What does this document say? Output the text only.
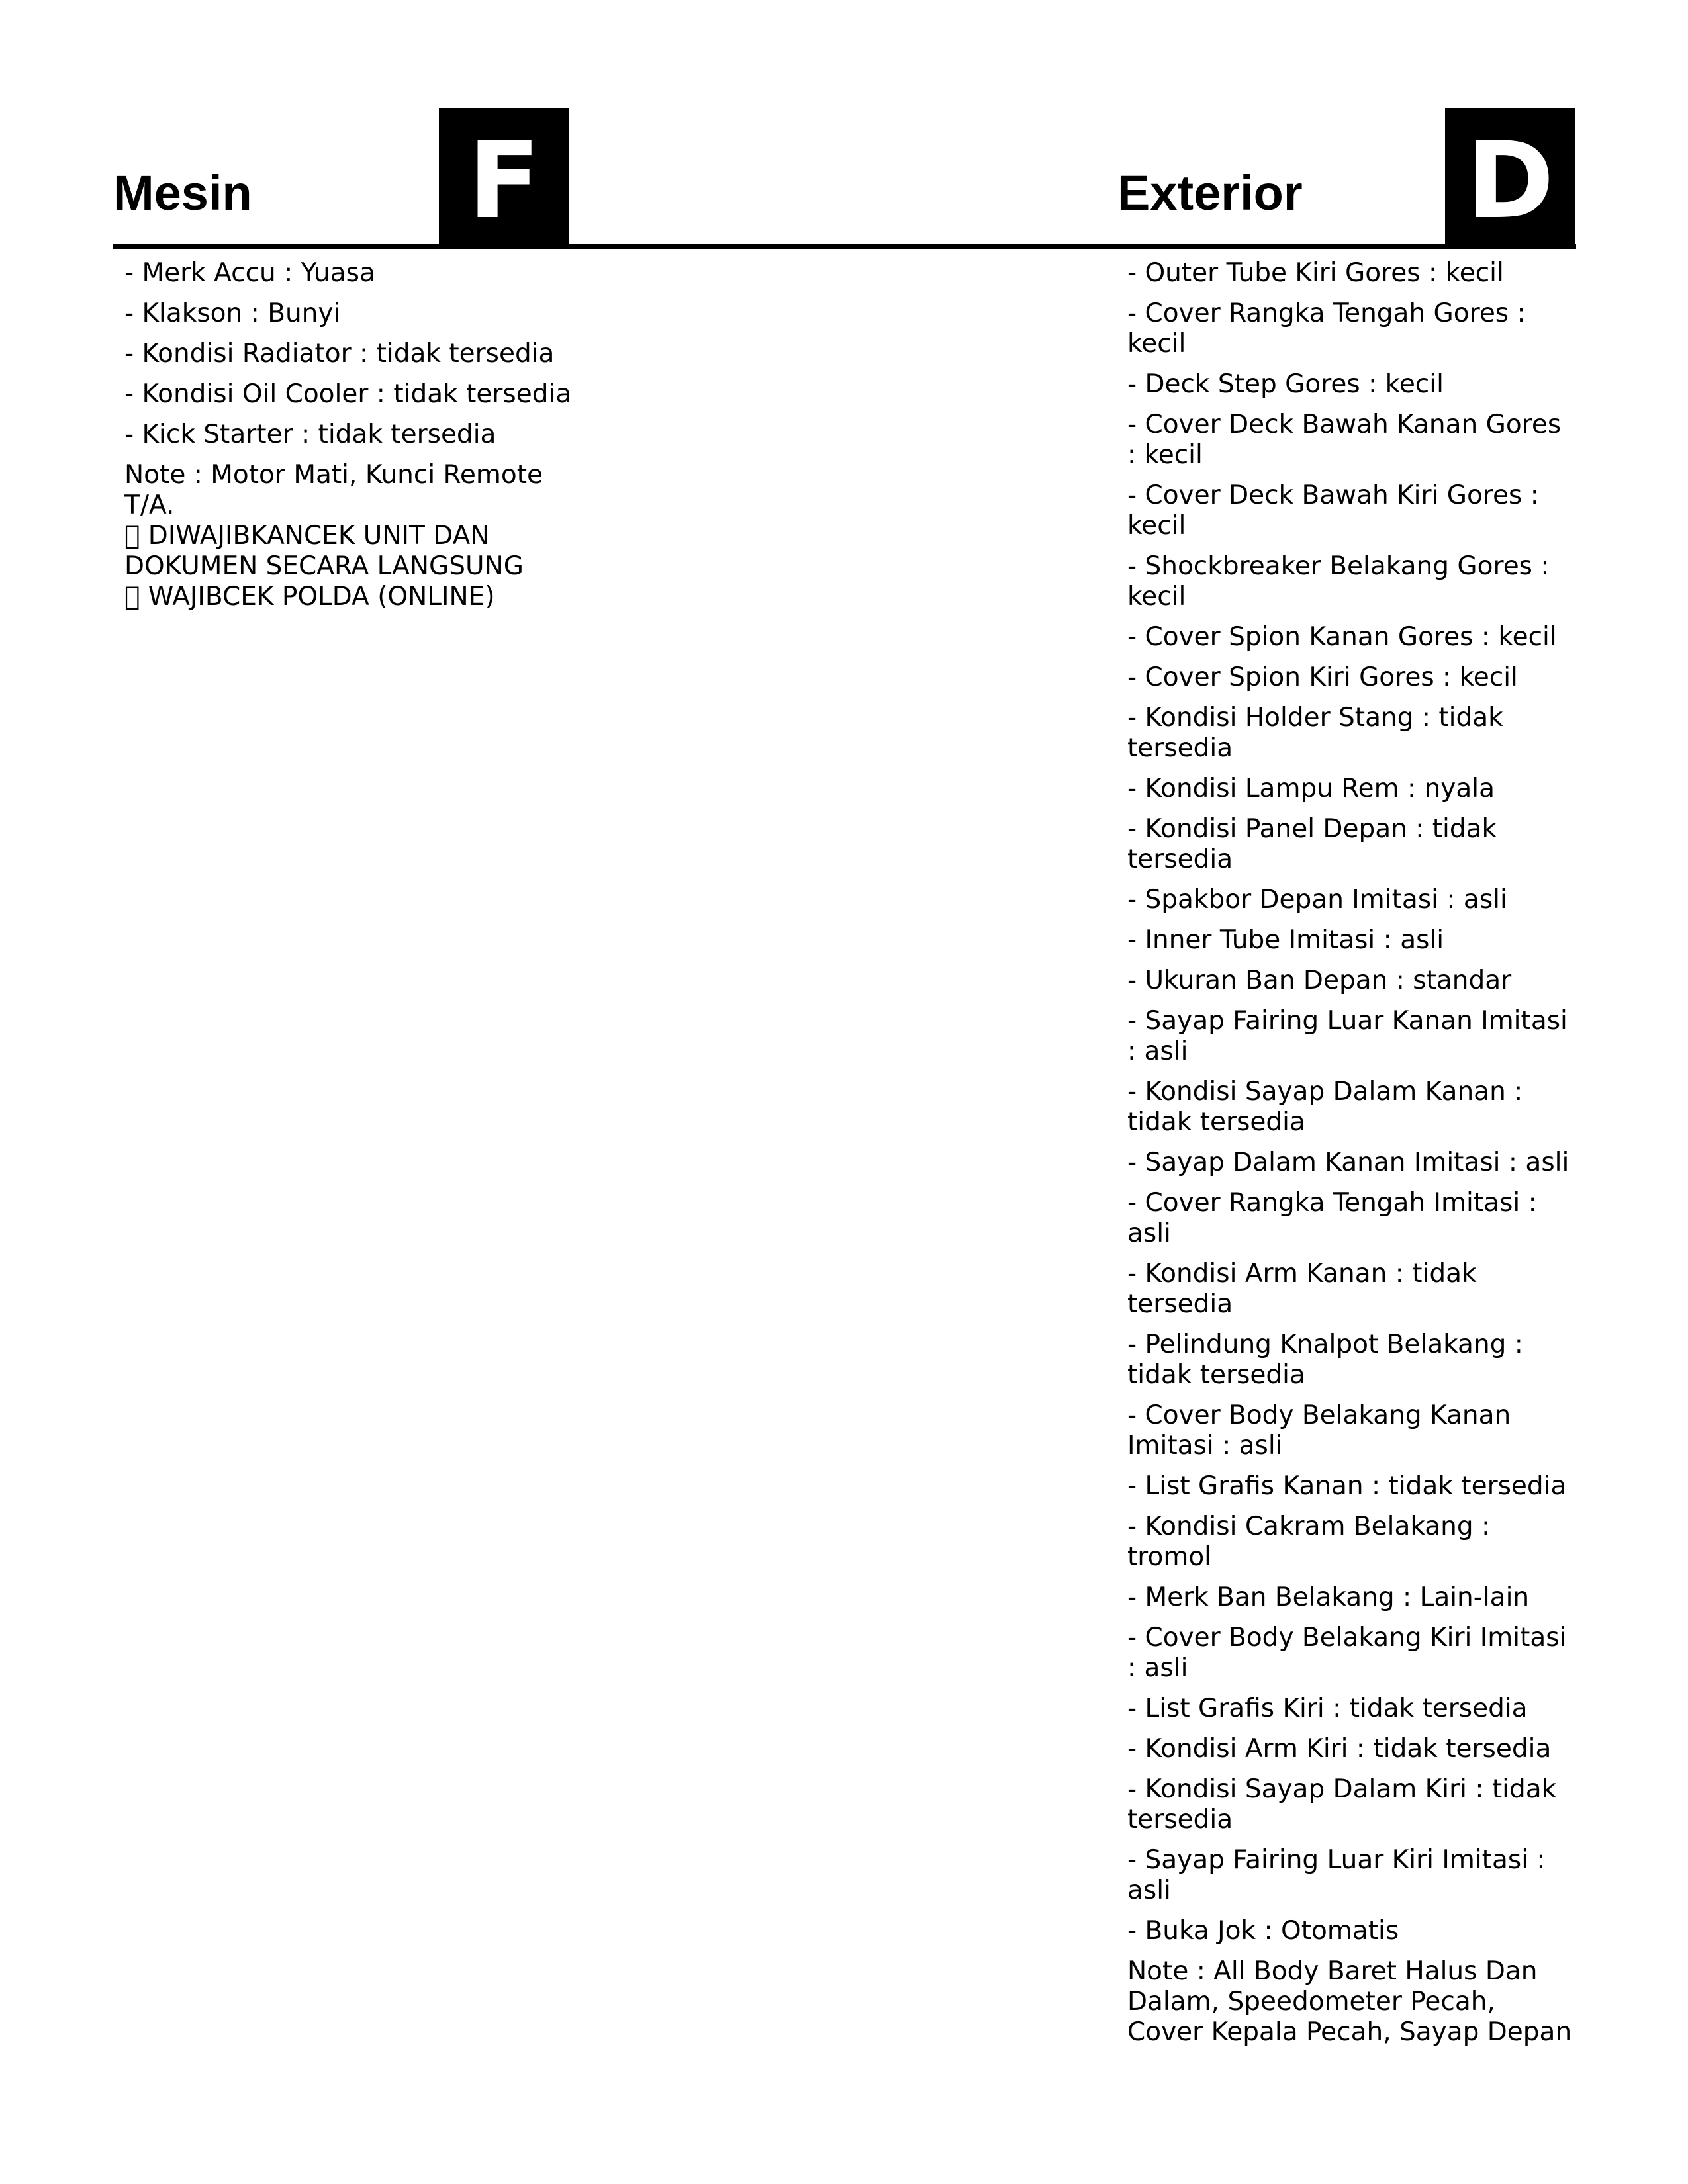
Mesin F	Exterior D
- Merk Accu : Yuasa
- Klakson : Bunyi
- Kondisi Radiator : tidak tersedia
- Kondisi Oil Cooler : tidak tersedia
- Kick Starter : tidak tersedia
Note : Motor Mati, Kunci Remote T/A.
  DIWAJIBKANCEK UNIT DAN DOKUMEN SECARA LANGSUNG
  WAJIBCEK POLDA (ONLINE)
- Outer Tube Kiri Gores : kecil
- Cover Rangka Tengah Gores : kecil
- Deck Step Gores : kecil
- Cover Deck Bawah Kanan Gores : kecil
- Cover Deck Bawah Kiri Gores : kecil
- Shockbreaker Belakang Gores : kecil
- Cover Spion Kanan Gores : kecil
- Cover Spion Kiri Gores : kecil
- Kondisi Holder Stang : tidak tersedia
- Kondisi Lampu Rem : nyala
- Kondisi Panel Depan : tidak tersedia
- Spakbor Depan Imitasi : asli
- Inner Tube Imitasi : asli
- Ukuran Ban Depan : standar
- Sayap Fairing Luar Kanan Imitasi : asli
- Kondisi Sayap Dalam Kanan : tidak tersedia
- Sayap Dalam Kanan Imitasi : asli
- Cover Rangka Tengah Imitasi : asli
- Kondisi Arm Kanan : tidak tersedia
- Pelindung Knalpot Belakang : tidak tersedia
- Cover Body Belakang Kanan Imitasi : asli
- List Grafis Kanan : tidak tersedia
- Kondisi Cakram Belakang : tromol
- Merk Ban Belakang : Lain-lain
- Cover Body Belakang Kiri Imitasi : asli
- List Grafis Kiri : tidak tersedia
- Kondisi Arm Kiri : tidak tersedia
- Kondisi Sayap Dalam Kiri : tidak tersedia
- Sayap Fairing Luar Kiri Imitasi : asli
- Buka Jok : Otomatis
Note : All Body Baret Halus Dan Dalam, Speedometer Pecah, Cover Kepala Pecah, Sayap Depan
